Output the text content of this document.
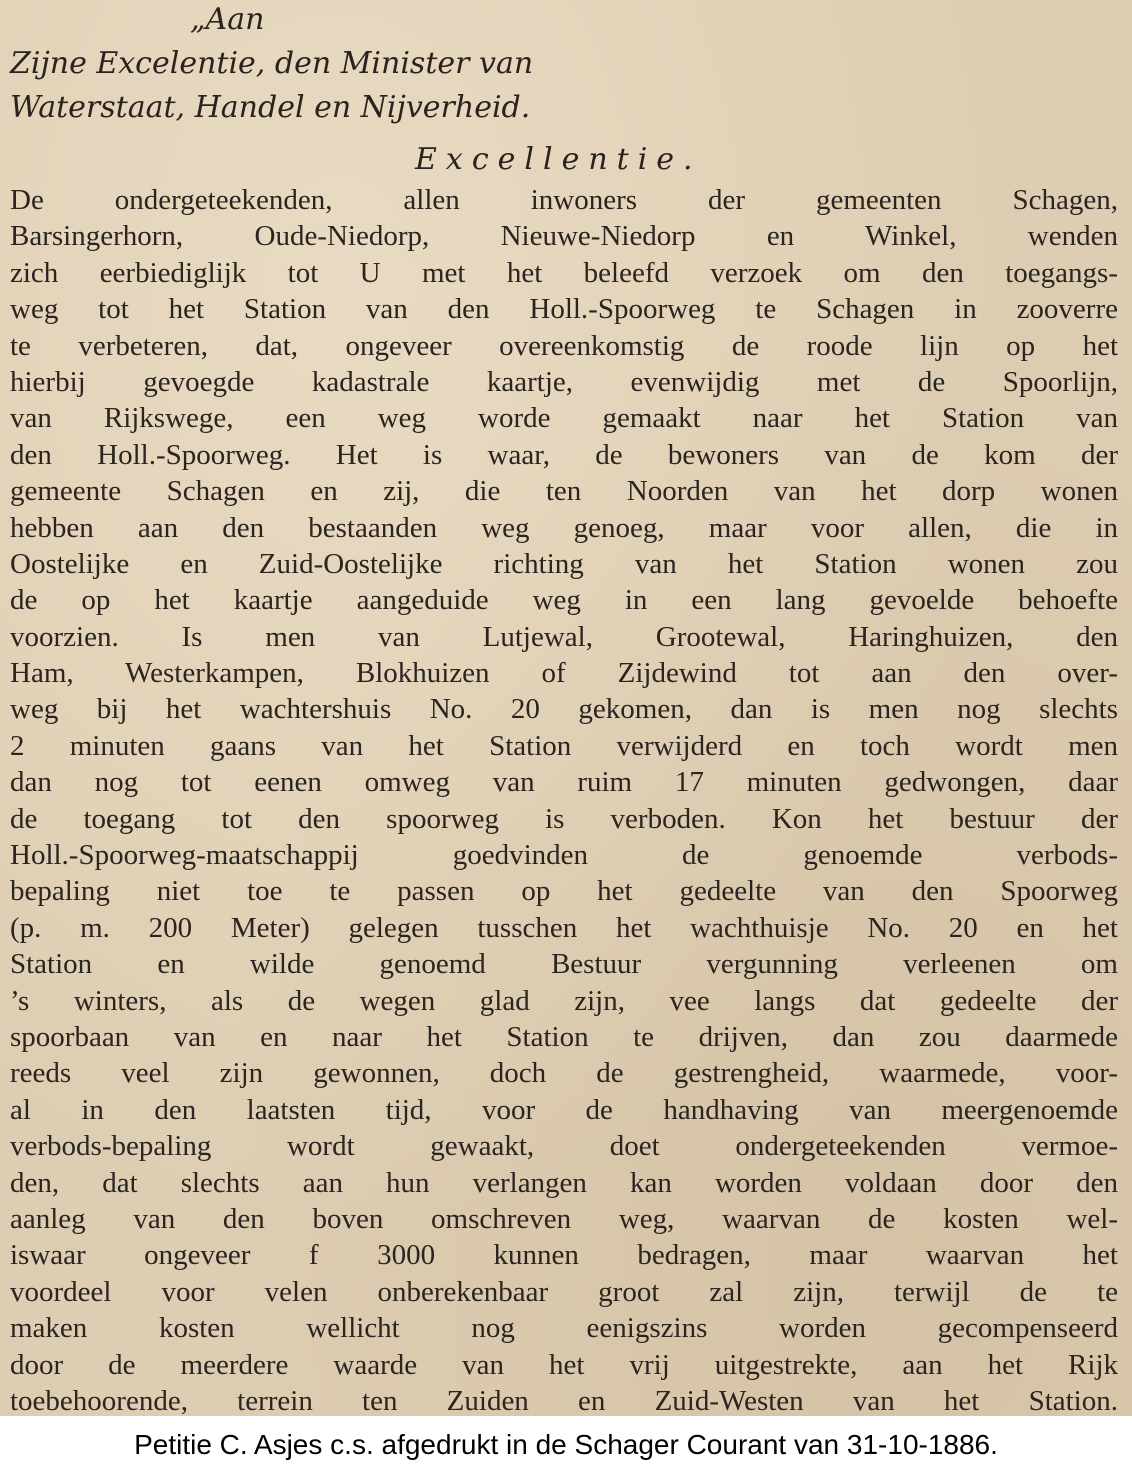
„Aan
Zijne Excelentie, den Minister van
Waterstaat, Handel en Nijverheid.
Excellentie.
De ondergeteekenden, allen inwoners der gemeenten Schagen,
Barsingerhorn, Oude-Niedorp, Nieuwe-Niedorp en Winkel, wenden
zich eerbiediglijk tot U met het beleefd verzoek om den toegangs-
weg tot het Station van den Holl.-Spoorweg te Schagen in zooverre
te verbeteren, dat, ongeveer overeenkomstig de roode lijn op het
hierbij gevoegde kadastrale kaartje, evenwijdig met de Spoorlijn,
van Rijkswege, een weg worde gemaakt naar het Station van
den Holl.-Spoorweg. Het is waar, de bewoners van de kom der
gemeente Schagen en zij, die ten Noorden van het dorp wonen
hebben aan den bestaanden weg genoeg, maar voor allen, die in
Oostelijke en Zuid-Oostelijke richting van het Station wonen zou
de op het kaartje aangeduide weg in een lang gevoelde behoefte
voorzien. Is men van Lutjewal, Grootewal, Haringhuizen, den
Ham, Westerkampen, Blokhuizen of Zijdewind tot aan den over-
weg bij het wachtershuis No. 20 gekomen, dan is men nog slechts
2 minuten gaans van het Station verwijderd en toch wordt men
dan nog tot eenen omweg van ruim 17 minuten gedwongen, daar
de toegang tot den spoorweg is verboden. Kon het bestuur der
Holl.-Spoorweg-maatschappij goedvinden de genoemde verbods-
bepaling niet toe te passen op het gedeelte van den Spoorweg
(p. m. 200 Meter) gelegen tusschen het wachthuisje No. 20 en het
Station en wilde genoemd Bestuur vergunning verleenen om
’s winters, als de wegen glad zijn, vee langs dat gedeelte der
spoorbaan van en naar het Station te drijven, dan zou daarmede
reeds veel zijn gewonnen, doch de gestrengheid, waarmede, voor-
al in den laatsten tijd, voor de handhaving van meergenoemde
verbods-bepaling wordt gewaakt, doet ondergeteekenden vermoe-
den, dat slechts aan hun verlangen kan worden voldaan door den
aanleg van den boven omschreven weg, waarvan de kosten wel-
iswaar ongeveer f 3000 kunnen bedragen, maar waarvan het
voordeel voor velen onberekenbaar groot zal zijn, terwijl de te
maken kosten wellicht nog eenigszins worden gecompenseerd
door de meerdere waarde van het vrij uitgestrekte, aan het Rijk
toebehoorende, terrein ten Zuiden en Zuid-Westen van het Station.
Petitie C. Asjes c.s. afgedrukt in de Schager Courant van 31-10-1886.
